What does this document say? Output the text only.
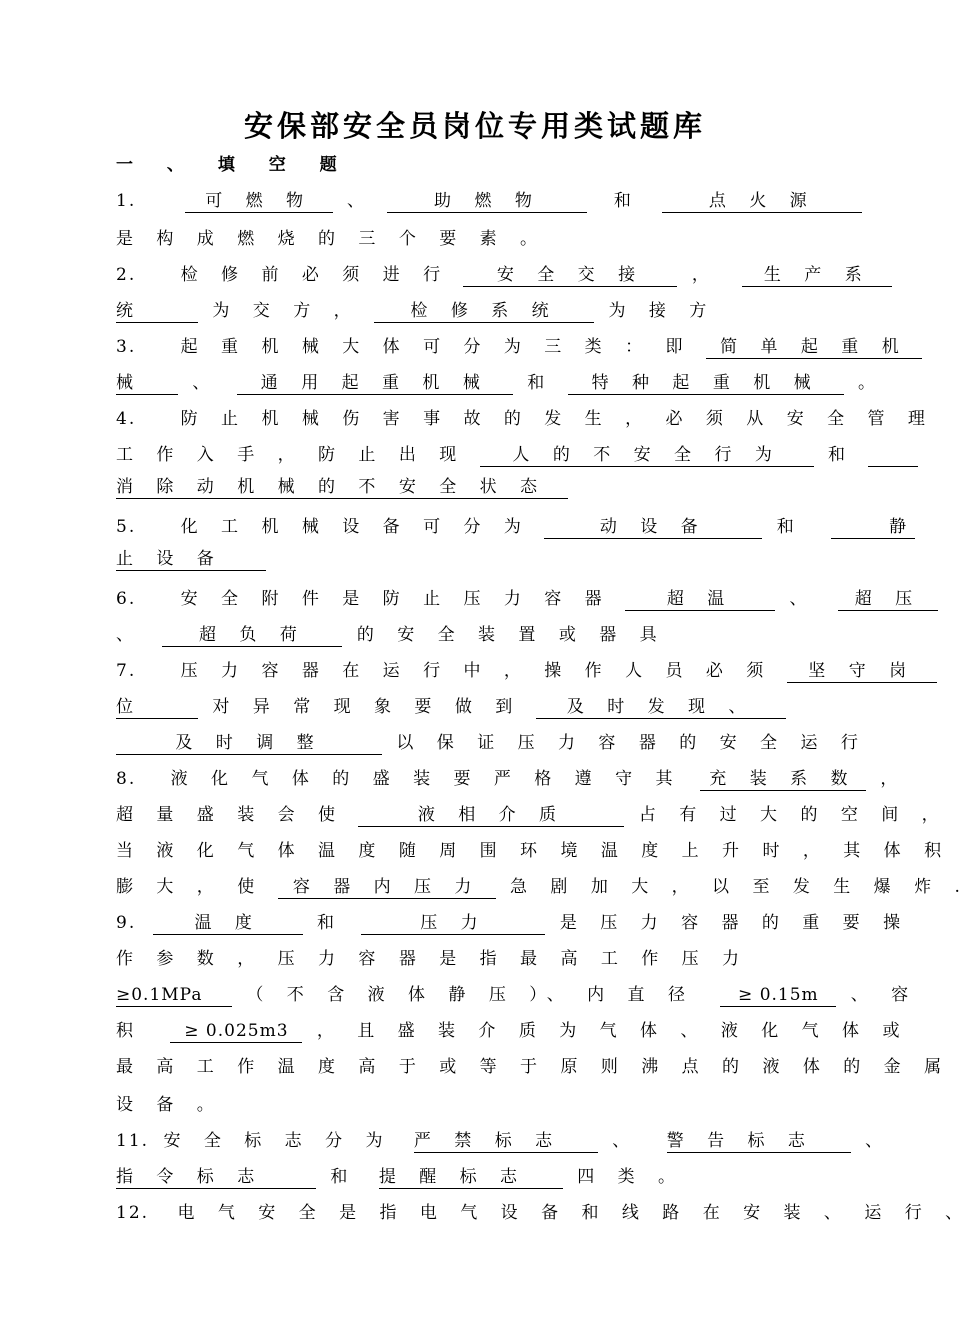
安保部安全员岗位专用类试题库
一 、 填 空 题
1.	可 燃 物 、	助 燃 物	和	点 火 源
是 构 成 燃 烧 的 三 个 要 素 。
2.	检 修 前 必 须 进 行	安 全 交 接	，	生 产 系
统	为 交 方 ，	检 修 系 统	为 接 方
3.	起 重 机 械 大 体 可 分 为 三 类 ： 即 简 单 起 重 机
械	、 通 用 起 重 机 械 和 特 种 起 重 机 械 。
4.	防 止 机 械 伤 害 事 故 的 发 生 ， 必 须 从 安 全 管 理
工 作 入 手 ， 防 止 出 现	人 的 不 安 全 行 为	和
消 除 动 机 械 的 不 安 全 状 态
5.	化 工 机 械 设 备 可 分 为	动 设 备	和	静
止 设 备
6.	安 全 附 件 是 防 止 压 力 容 器	超 温	、 超 压
、	超 负 荷	的 安 全 装 置 或 器 具
7.	压 力 容 器 在 运 行 中 ， 操 作 人 员 必 须 坚 守 岗
位	对 异 常 现 象 要 做 到	及 时 发 现 、
及 时 调 整	以 保 证 压 力 容 器 的 安 全 运 行
8. 液 化 气 体 的 盛 装 要 严 格 遵 守 其 充 装 系 数 ，
超 量 盛 装 会 使	液 相 介 质	占 有 过 大 的 空 间 ，
当 液 化 气 体 温 度 随 周 围 环 境 温 度 上 升 时 ， 其 体 积
膨 大 ， 使 容 器 内 压 力 急 剧 加 大 ， 以 至 发 生 爆 炸 .
9.	温 度	和	压 力	是 压 力 容 器 的 重 要 操
作 参 数 ， 压 力 容 器 是 指 最 高 工 作 压 力
≥0.1MPa	（ 不 含 液 体 静 压 ）、 内 直 径	≥ 0.15m 、 容
积 ≥ 0.025m3 ， 且 盛 装 介 质 为 气 体 、 液 化 气 体 或
最 高 工 作 温 度 高 于 或 等 于 原 则 沸 点 的 液 体 的 金 属
设 备 。
11. 安 全 标 志 分 为 严 禁 标 志	、 警 告 标 志	、
指 令 标 志	和 提 醒 标 志	四 类 。
12. 电 气 安 全 是 指 电 气 设 备 和 线 路 在 安 装 、 运 行 、
